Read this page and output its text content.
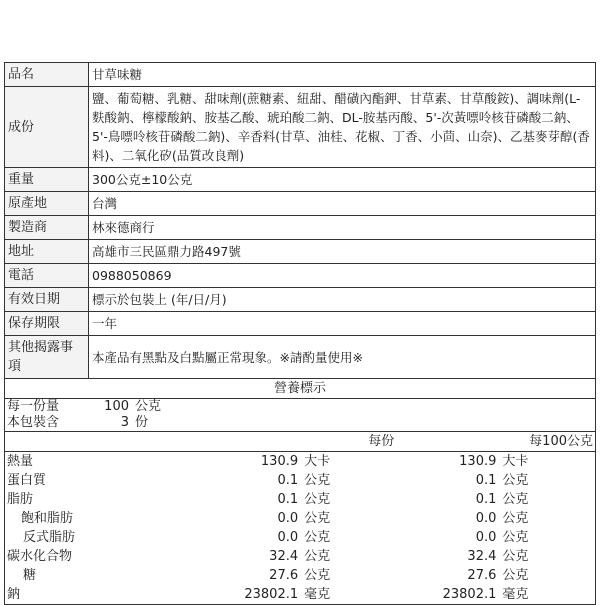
品名	甘草味糖
成份	鹽、葡萄糖、乳糖、甜味劑(蔗糖素、紐甜、醋磺內酯鉀、甘草素、甘草酸銨)、調味劑(L-麩酸鈉、檸檬酸鈉、胺基乙酸、琥珀酸二鈉、DL-胺基丙酸、5'-次黃嘌呤核苷磷酸二鈉、5'-鳥嘌呤核苷磷酸二鈉)、辛香料(甘草、油桂、花椒、丁香、小茴、山奈)、乙基麥芽醇(香料)、二氧化矽(品質改良劑)
重量	300公克±10公克
原產地	台灣
製造商	林來德商行
地址	高雄市三民區鼎力路497號
電話	0988050869
有效日期	標示於包裝上 (年/日/月)
保存期限	一年
其他揭露事項	本產品有黑點及白點屬正常現象。※請酌量使用※
營養標示
每一份量	100 公克
本包裝含	3 份
	每份		每100公克	
熱量	130.9	大卡	130.9	大卡
蛋白質	0.1	公克	0.1	公克
脂肪	0.1	公克	0.1	公克
飽和脂肪	0.0	公克	0.0	公克
反式脂肪	0.0	公克	0.0	公克
碳水化合物	32.4	公克	32.4	公克
糖	27.6	公克	27.6	公克
鈉	23802.1	毫克	23802.1	毫克
